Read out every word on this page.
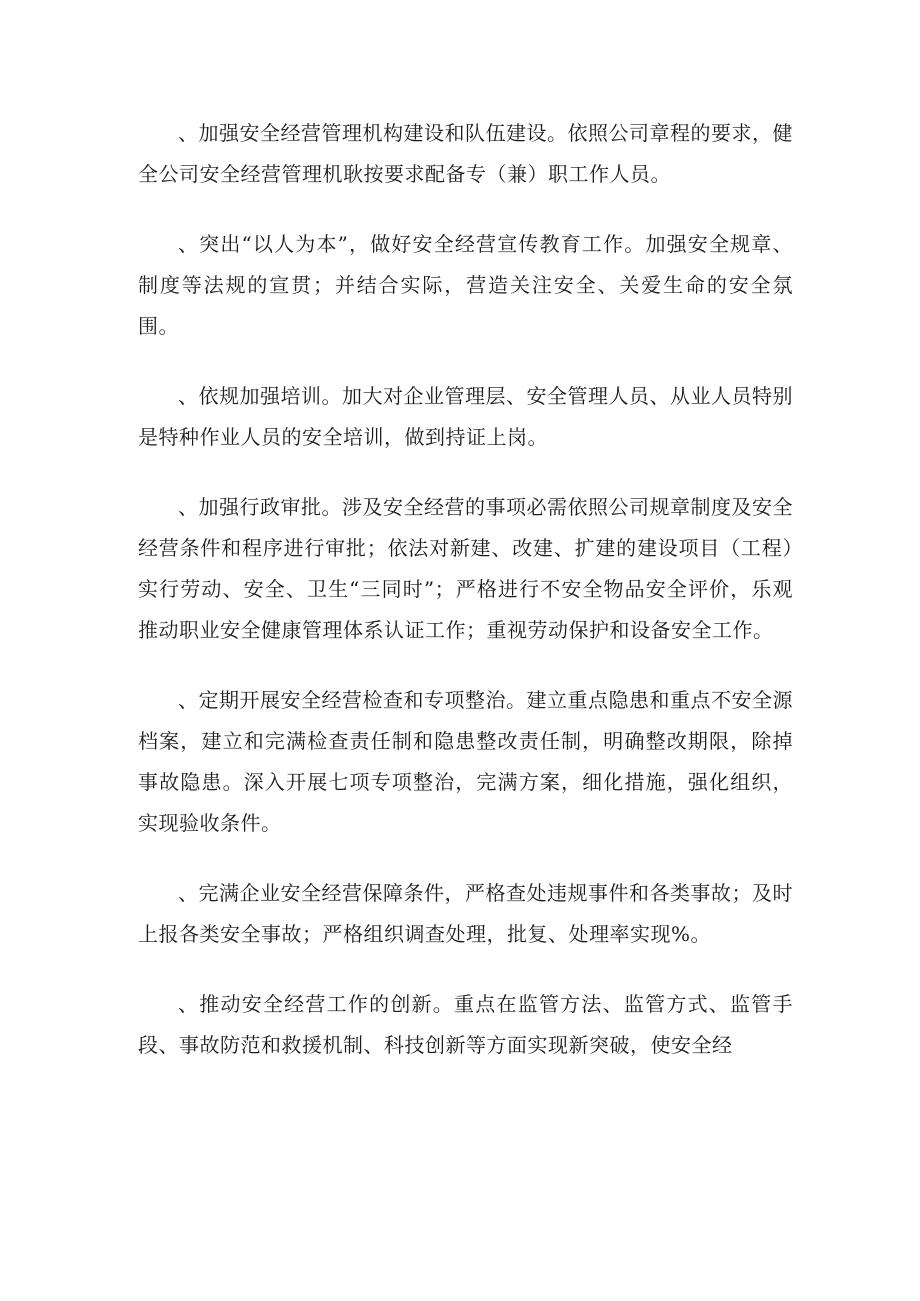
、加强安全经营管理机构建设和队伍建设。依照公司章程的要求，健全公司安全经营管理机耿按要求配备专（兼）职工作人员。

、突出“以人为本”，做好安全经营宣传教育工作。加强安全规章、制度等法规的宣贯；并结合实际，营造关注安全、关爱生命的安全氛围。

、依规加强培训。加大对企业管理层、安全管理人员、从业人员特别是特种作业人员的安全培训，做到持证上岗。

、加强行政审批。涉及安全经营的事项必需依照公司规章制度及安全经营条件和程序进行审批；依法对新建、改建、扩建的建设项目（工程）实行劳动、安全、卫生“三同时”；严格进行不安全物品安全评价，乐观推动职业安全健康管理体系认证工作；重视劳动保护和设备安全工作。

、定期开展安全经营检查和专项整治。建立重点隐患和重点不安全源档案，建立和完满检查责任制和隐患整改责任制，明确整改期限，除掉事故隐患。深入开展七项专项整治，完满方案，细化措施，强化组织，实现验收条件。

、完满企业安全经营保障条件，严格查处违规事件和各类事故；及时上报各类安全事故；严格组织调查处理，批复、处理率实现%。

、推动安全经营工作的创新。重点在监管方法、监管方式、监管手段、事故防范和救援机制、科技创新等方面实现新突破，使安全经
